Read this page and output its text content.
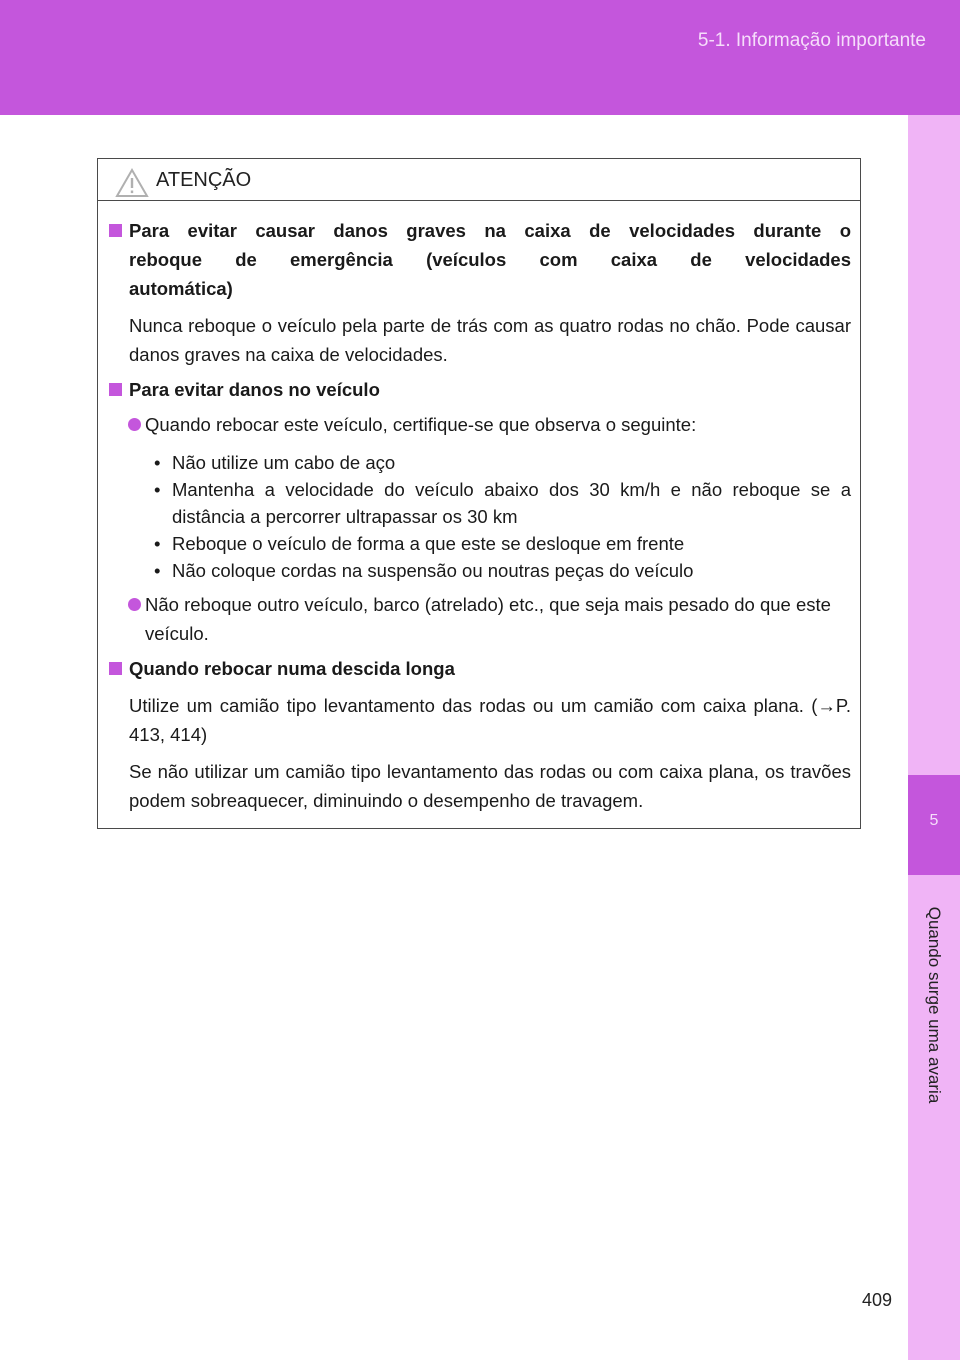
5-1. Informação importante
5
Quando surge uma avaria
ATENÇÃO
Para evitar causar danos graves na caixa de velocidades durante o
reboque de emergência (veículos com caixa de velocidades
automática)
Nunca reboque o veículo pela parte de trás com as quatro rodas no chão. Pode causar danos graves na caixa de velocidades.
Para evitar danos no veículo
Quando rebocar este veículo, certifique-se que observa o seguinte:
• Não utilize um cabo de aço
• Mantenha a velocidade do veículo abaixo dos 30 km/h e não reboque se a distância a percorrer ultrapassar os 30 km
• Reboque o veículo de forma a que este se desloque em frente
• Não coloque cordas na suspensão ou noutras peças do veículo
Não reboque outro veículo, barco (atrelado) etc., que seja mais pesado do que este veículo.
Quando rebocar numa descida longa
Utilize um camião tipo levantamento das rodas ou um camião com caixa plana. (→P. 413, 414)
Se não utilizar um camião tipo levantamento das rodas ou com caixa plana, os travões podem sobreaquecer, diminuindo o desempenho de travagem.
409
